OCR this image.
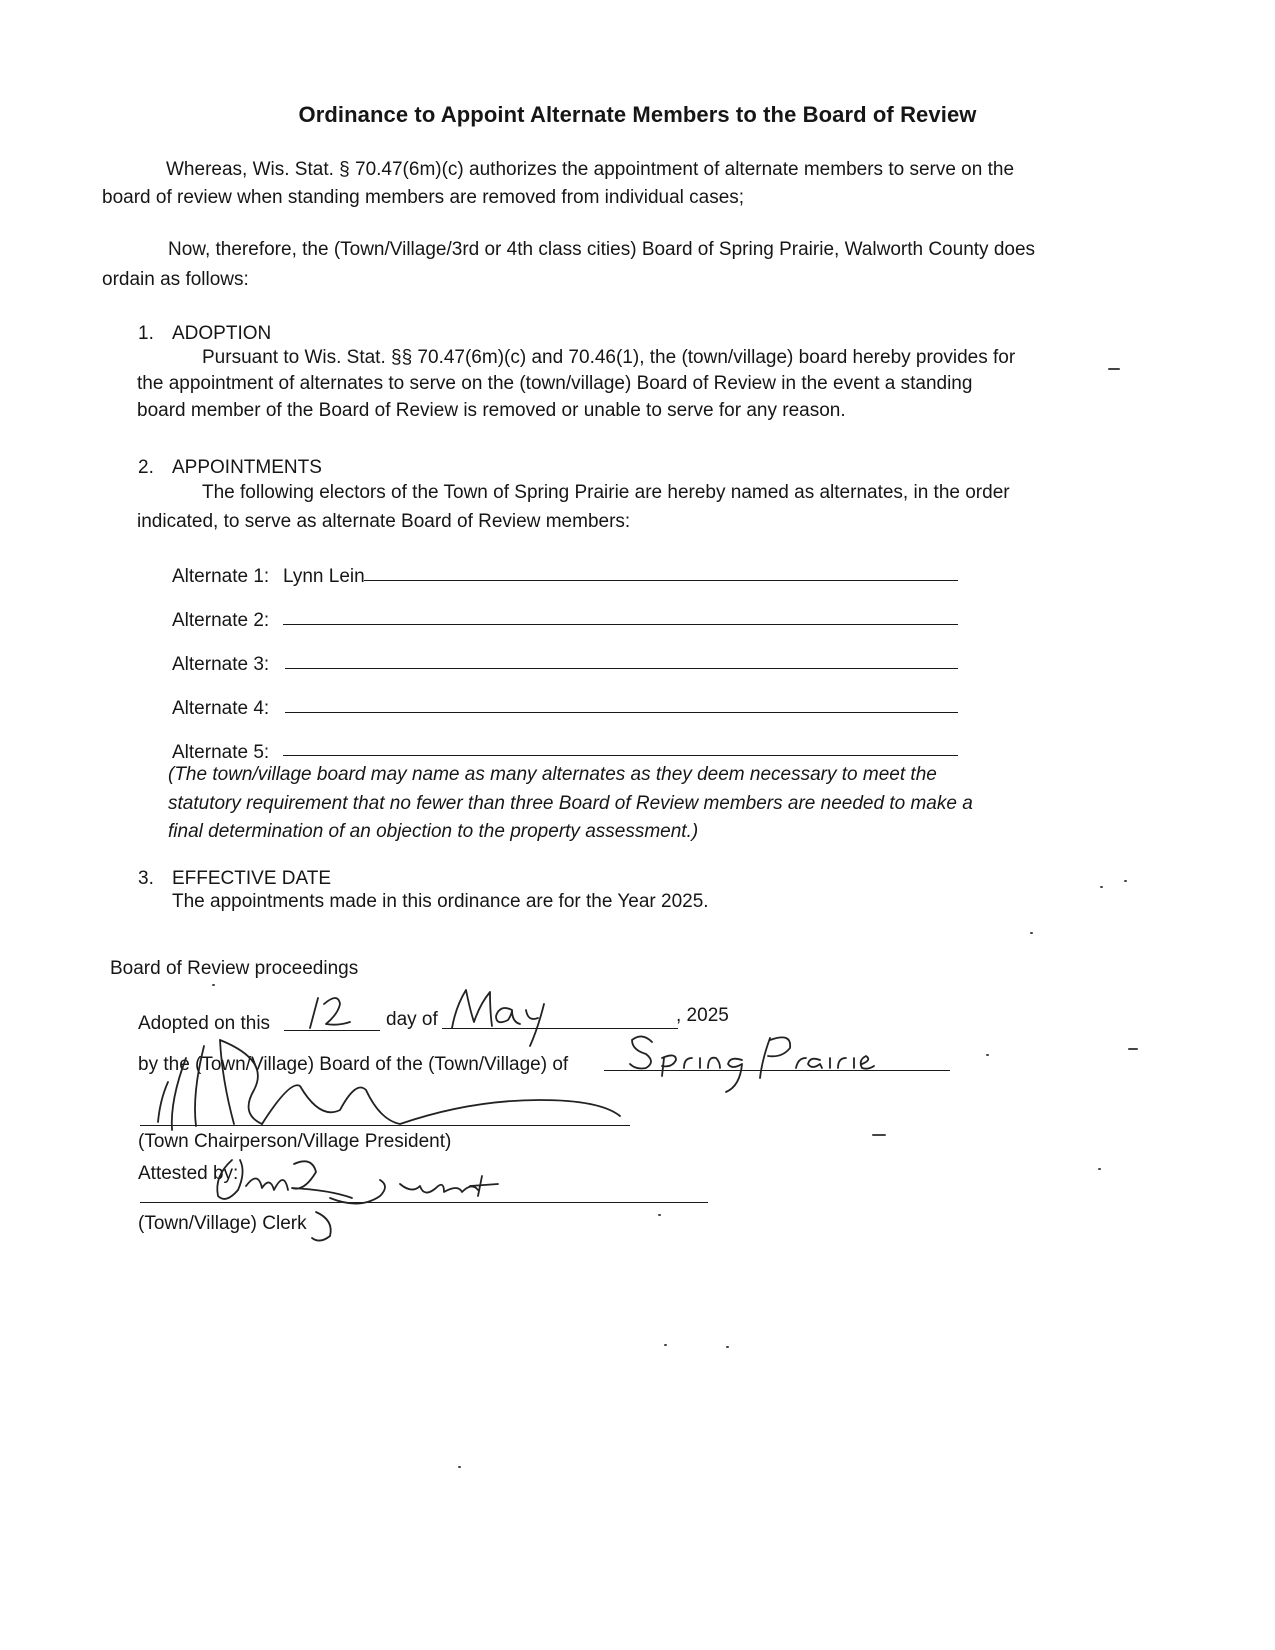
Ordinance to Appoint Alternate Members to the Board of Review
Whereas, Wis. Stat. § 70.47(6m)(c) authorizes the appointment of alternate members to serve on the
board of review when standing members are removed from individual cases;
Now, therefore, the (Town/Village/3rd or 4th class cities) Board of Spring Prairie, Walworth County does
ordain as follows:
1. ADOPTION
Pursuant to Wis. Stat. §§ 70.47(6m)(c) and 70.46(1), the (town/village) board hereby provides for
the appointment of alternates to serve on the (town/village) Board of Review in the event a standing
board member of the Board of Review is removed or unable to serve for any reason.
2. APPOINTMENTS
The following electors of the Town of Spring Prairie are hereby named as alternates, in the order
indicated, to serve as alternate Board of Review members:
Alternate 1: Lynn Lein
Alternate 2:
Alternate 3:
Alternate 4:
Alternate 5:
(The town/village board may name as many alternates as they deem necessary to meet the
statutory requirement that no fewer than three Board of Review members are needed to make a
final determination of an objection to the property assessment.)
3. EFFECTIVE DATE
The appointments made in this ordinance are for the Year 2025.
Board of Review proceedings
Adopted on this	day of	, 2025
by the (Town/Village) Board of the (Town/Village) of
(Town Chairperson/Village President)
Attested by:
(Town/Village) Clerk
